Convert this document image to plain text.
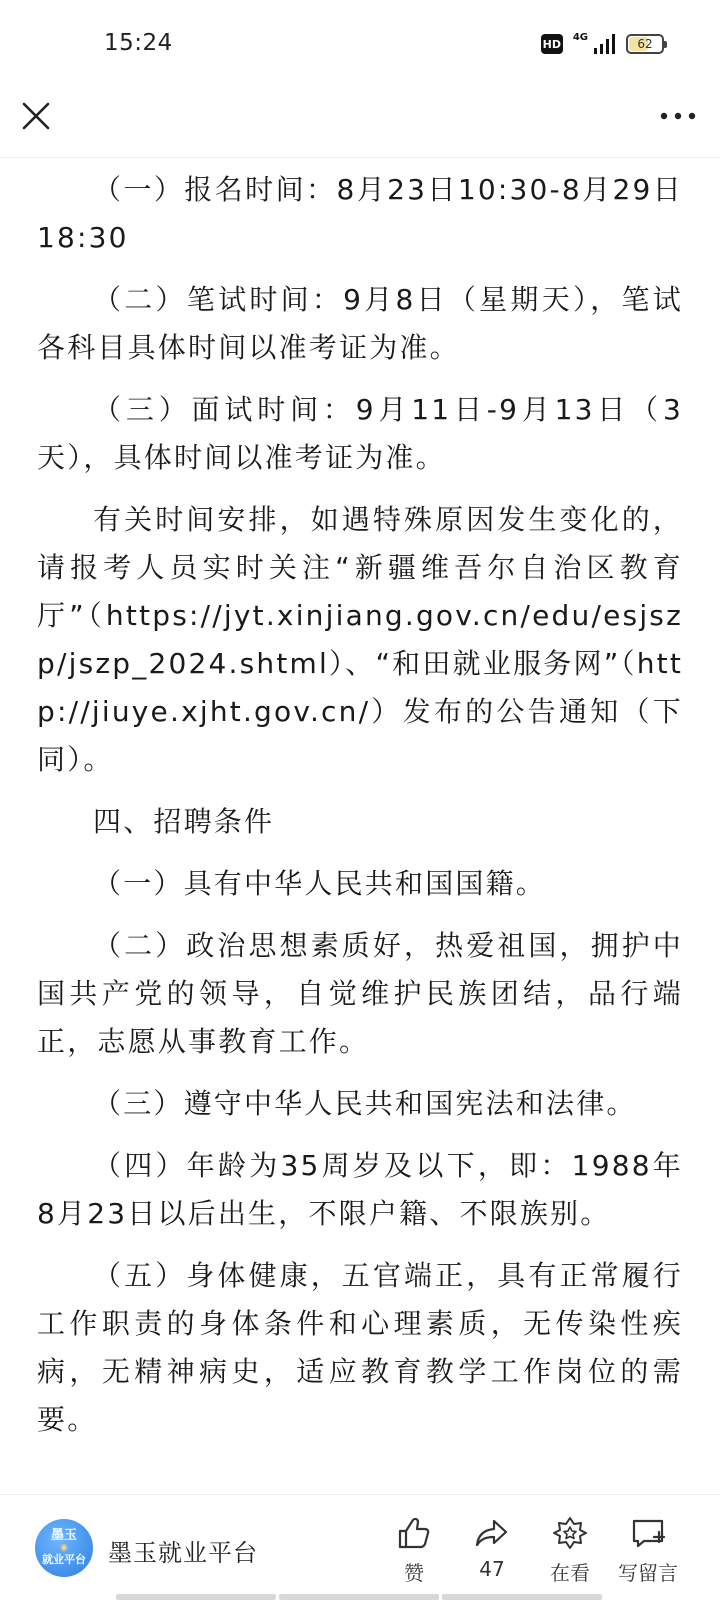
15:24	HD 4G	62

（一）报名时间：8月23日10:30-8月29日18:30

（二）笔试时间：9月8日（星期天），笔试各科目具体时间以准考证为准。

（三）面试时间：9月11日-9月13日（3天），具体时间以准考证为准。

有关时间安排，如遇特殊原因发生变化的，请报考人员实时关注“新疆维吾尔自治区教育厅”（https://jyt.xinjiang.gov.cn/edu/esjszp/jszp_2024.shtml）、“和田就业服务网”（http://jiuye.xjht.gov.cn/）发布的公告通知（下同）。

四、招聘条件

（一）具有中华人民共和国国籍。

（二）政治思想素质好，热爱祖国，拥护中国共产党的领导，自觉维护民族团结，品行端正，志愿从事教育工作。

（三）遵守中华人民共和国宪法和法律。

（四）年龄为35周岁及以下，即：1988年8月23日以后出生，不限户籍、不限族别。

（五）身体健康，五官端正，具有正常履行工作职责的身体条件和心理素质，无传染性疾病，无精神病史，适应教育教学工作岗位的需要。

墨玉
◉
就业平台 墨玉就业平台
赞	47 在看 写留言
